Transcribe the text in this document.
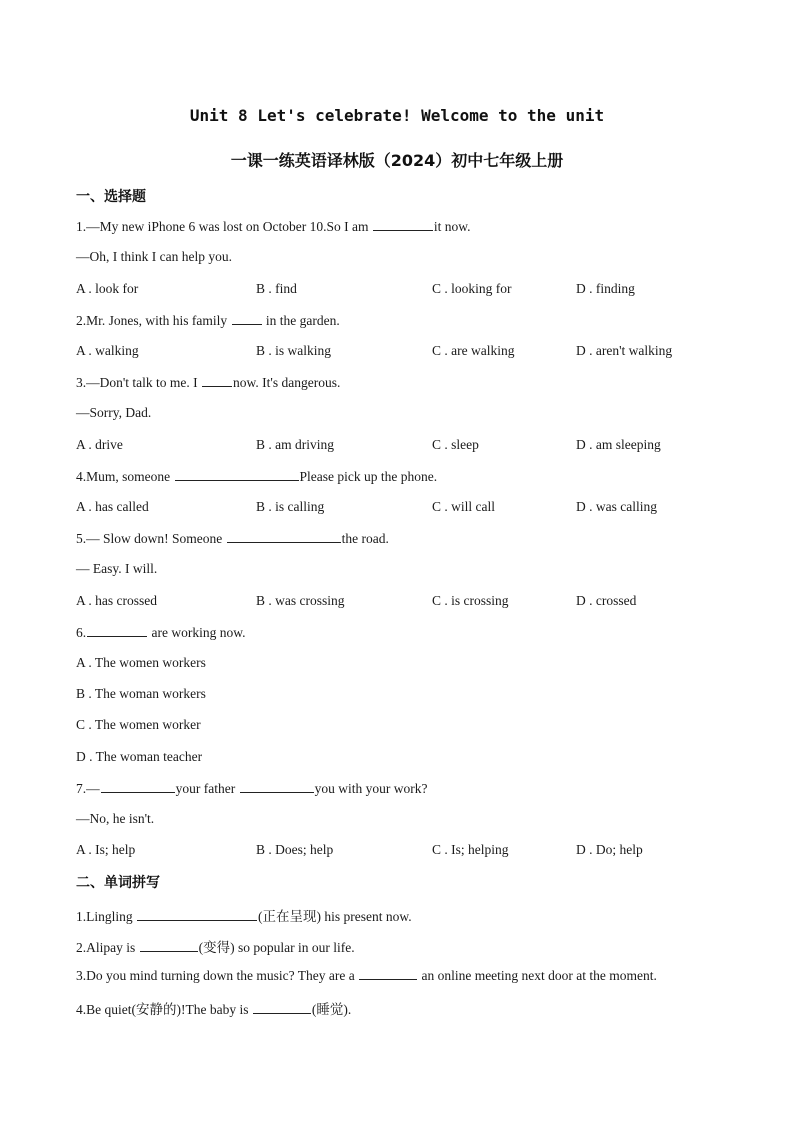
Unit 8 Let's celebrate! Welcome to the unit
一课一练英语译林版（2024）初中七年级上册
一、选择题
1.—My new iPhone 6 was lost on October 10.So I am	it now.
—Oh, I think I can help you.
A . look for	B . find	C . looking for	D . finding
2.Mr. Jones, with his family	in the garden.
A . walking	B . is walking	C . are walking	D . aren't walking
3.—Don't talk to me. I	now. It's dangerous.
—Sorry, Dad.
A . drive	B . am driving	C . sleep	D . am sleeping
4.Mum, someone	Please pick up the phone.
A . has called	B . is calling	C . will call	D . was calling
5.— Slow down! Someone	the road.
— Easy. I will.
A . has crossed	B . was crossing	C . is crossing	D . crossed
6.	are working now.
A . The women workers
B . The woman workers
C . The women worker
D . The woman teacher
7.—	your father	you with your work?
—No, he isn't.
A . Is; help	B . Does; help	C . Is; helping	D . Do; help
二、单词拼写
1.Lingling	(正在呈现) his present now.
2.Alipay is	(变得) so popular in our life.
3.Do you mind turning down the music? They are a	an online meeting next door at the moment.
4.Be quiet(安静的)!The baby is	(睡觉).
